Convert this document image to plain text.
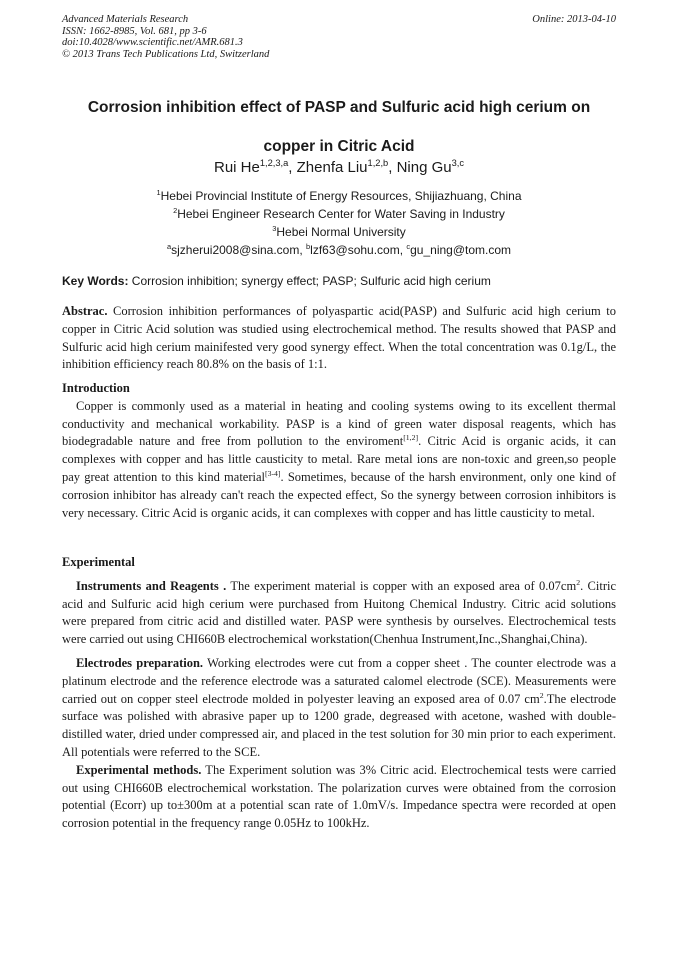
Advanced Materials Research
ISSN: 1662-8985, Vol. 681, pp 3-6
doi:10.4028/www.scientific.net/AMR.681.3
© 2013 Trans Tech Publications Ltd, Switzerland
Online: 2013-04-10
Corrosion inhibition effect of PASP and Sulfuric acid high cerium on
copper in Citric Acid
Rui He$^{1,2,3,a}$, Zhenfa Liu$^{1,2,b}$, Ning Gu$^{3,c}$
$^1$Hebei Provincial Institute of Energy Resources, Shijiazhuang, China
$^2$Hebei Engineer Research Center for Water Saving in Industry
$^3$Hebei Normal University
$^a$sjzherui2008@sina.com, $^b$lzf63@sohu.com, $^c$gu_ning@tom.com
Key Words: Corrosion inhibition; synergy effect; PASP; Sulfuric acid high cerium

Abstrac. Corrosion inhibition performances of polyaspartic acid(PASP) and Sulfuric acid high cerium to copper in Citric Acid solution was studied using electrochemical method. The results showed that PASP and Sulfuric acid high cerium mainifested very good synergy effect. When the total concentration was 0.1g/L, the inhibition efficiency reach 80.8% on the basis of 1:1.

Introduction

Copper is commonly used as a material in heating and cooling systems owing to its excellent thermal conductivity and mechanical workability. PASP is a kind of green water disposal reagents, which has biodegradable nature and free from pollution to the enviroment[1,2]. Citric Acid is organic acids, it can complexes with copper and has little causticity to metal. Rare metal ions are non-toxic and green,so people pay great attention to this kind material[3-4]. Sometimes, because of the harsh environment, only one kind of corrosion inhibitor has already can't reach the expected effect, So the synergy between corrosion inhibitors is very necessary. Citric Acid is organic acids, it can complexes with copper and has little causticity to metal.

Experimental

Instruments and Reagents . The experiment material is copper with an exposed area of $0.07cm^2$. Citric acid and Sulfuric acid high cerium were purchased from Huitong Chemical Industry. Citric acid solutions were prepared from citric acid and distilled water. PASP were synthesis by ourselves. Electrochemical tests were carried out using CHI660B electrochemical workstation(Chenhua Instrument,Inc.,Shanghai,China).

Electrodes preparation. Working electrodes were cut from a copper sheet . The counter electrode was a platinum electrode and the reference electrode was a saturated calomel electrode (SCE). Measurements were carried out on copper steel electrode molded in polyester leaving an exposed area of 0.07 $cm^2.The$ electrode surface was polished with abrasive paper up to 1200 grade, degreased with acetone, washed with double-distilled water, dried under compressed air, and placed in the test solution for 30 min prior to each experiment. All potentials were referred to the SCE.

Experimental methods. The Experiment solution was 3% Citric acid. Electrochemical tests were carried out using CHI660B electrochemical workstation. The polarization curves were obtained from the corrosion potential (Ecorr) up to±300m at a potential scan rate of 1.0mV/s. Impedance spectra were recorded at open corrosion potential in the frequency range 0.05Hz to 100kHz.
